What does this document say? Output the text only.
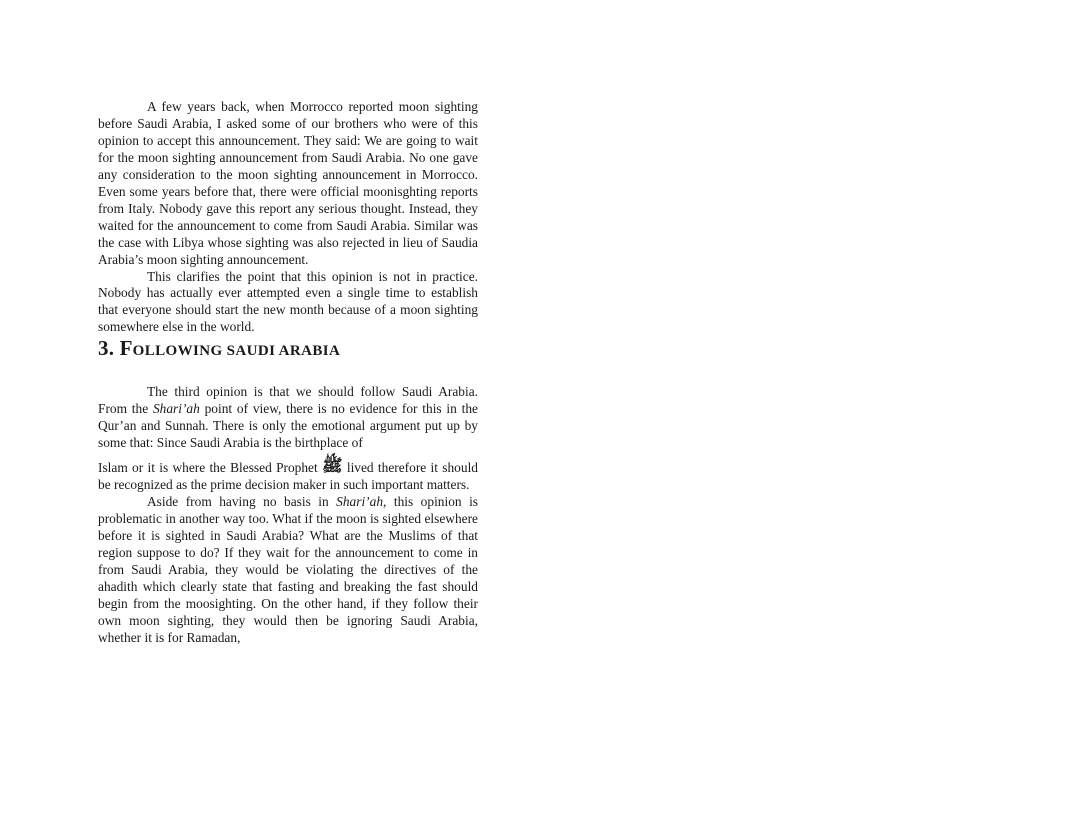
A few years back, when Morrocco reported moon sighting before Saudi Arabia, I asked some of our brothers who were of this opinion to accept this announcement. They said: We are going to wait for the moon sighting announcement from Saudi Arabia. No one gave any consideration to the moon sighting announcement in Morrocco. Even some years before that, there were official moonisghting reports from Italy. Nobody gave this report any serious thought. Instead, they waited for the announcement to come from Saudi Arabia. Similar was the case with Libya whose sighting was also rejected in lieu of Saudia Arabia’s moon sighting announcement.

This clarifies the point that this opinion is not in practice. Nobody has actually ever attempted even a single time to establish that everyone should start the new month because of a moon sighting somewhere else in the world.

3. FOLLOWING SAUDI ARABIA

The third opinion is that we should follow Saudi Arabia. From the Shari’ah point of view, there is no evidence for this in the Qur’an and Sunnah. There is only the emotional argument put up by some that: Since Saudi Arabia is the birthplace of

Islam or it is where the Blessed Prophet ﷺ lived therefore it should be recognized as the prime decision maker in such important matters.

Aside from having no basis in Shari’ah, this opinion is problematic in another way too. What if the moon is sighted elsewhere before it is sighted in Saudi Arabia? What are the Muslims of that region suppose to do? If they wait for the announcement to come in from Saudi Arabia, they would be violating the directives of the ahadith which clearly state that fasting and breaking the fast should begin from the moosighting. On the other hand, if they follow their own moon sighting, they would then be ignoring Saudi Arabia, whether it is for Ramadan,
